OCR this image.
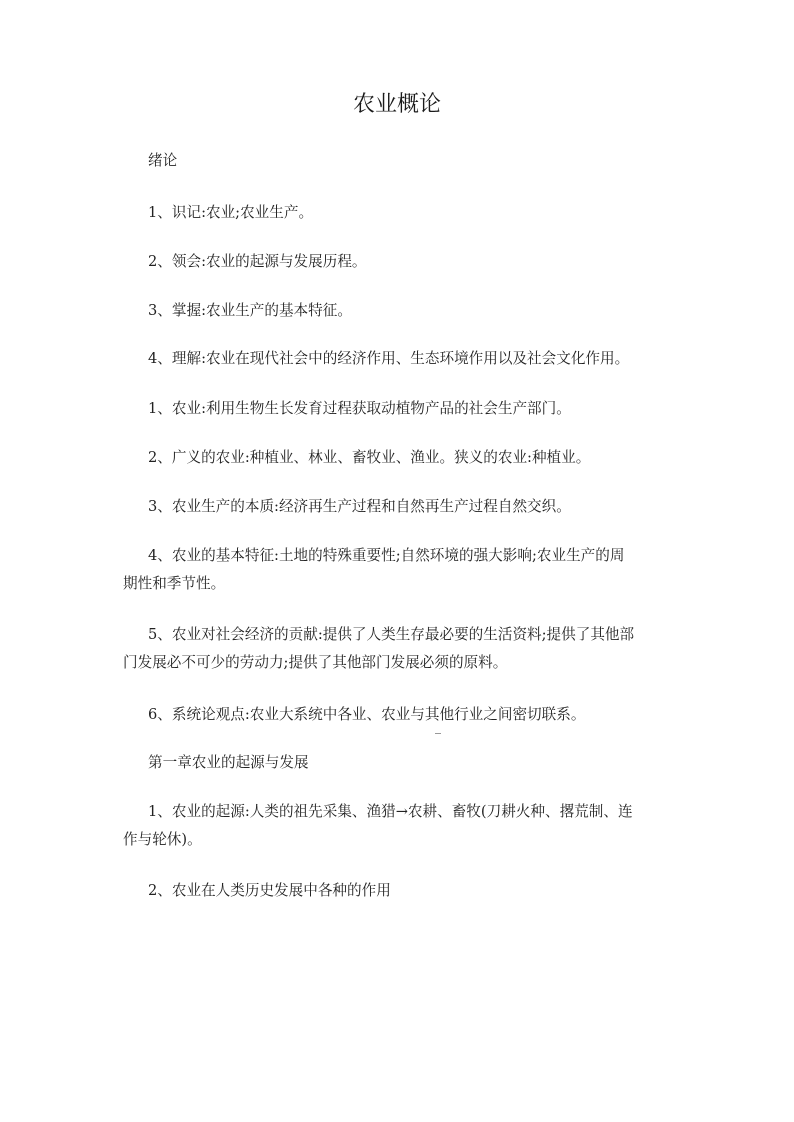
农业概论
绪论
1、识记:农业;农业生产。
2、领会:农业的起源与发展历程。
3、掌握:农业生产的基本特征。
4、理解:农业在现代社会中的经济作用、生态环境作用以及社会文化作用。
1、农业:利用生物生长发育过程获取动植物产品的社会生产部门。
2、广义的农业:种植业、林业、畜牧业、渔业。狭义的农业:种植业。
3、农业生产的本质:经济再生产过程和自然再生产过程自然交织。
4、农业的基本特征:土地的特殊重要性;自然环境的强大影响;农业生产的周
期性和季节性。
5、农业对社会经济的贡献:提供了人类生存最必要的生活资料;提供了其他部
门发展必不可少的劳动力;提供了其他部门发展必须的原料。
6、系统论观点:农业大系统中各业、农业与其他行业之间密切联系。
第一章农业的起源与发展
1、农业的起源:人类的祖先采集、渔猎→农耕、畜牧(刀耕火种、撂荒制、连
作与轮休)。
2、农业在人类历史发展中各种的作用
